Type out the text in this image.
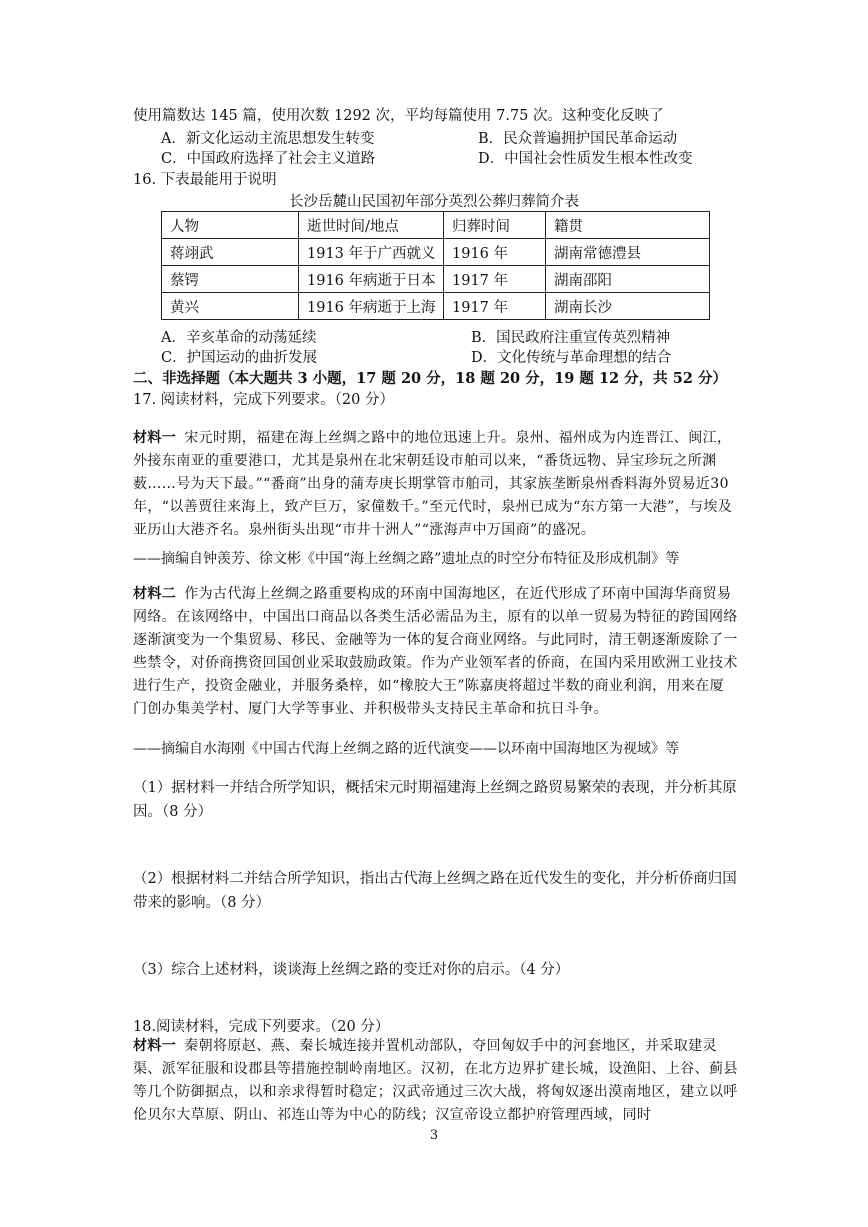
使用篇数达 145 篇，使用次数 1292 次，平均每篇使用 7.75 次。这种变化反映了
A．新文化运动主流思想发生转变	B．民众普遍拥护国民革命运动
C．中国政府选择了社会主义道路	D．中国社会性质发生根本性改变
16. 下表最能用于说明
长沙岳麓山民国初年部分英烈公葬归葬简介表
人物	逝世时间/地点	归葬时间	籍贯
蒋翊武	1913 年于广西就义	1916 年	湖南常德澧县
蔡锷	1916 年病逝于日本	1917 年	湖南邵阳
黄兴	1916 年病逝于上海	1917 年	湖南长沙
A．辛亥革命的动荡延续	B．国民政府注重宣传英烈精神
C．护国运动的曲折发展	D．文化传统与革命理想的结合
二、非选择题（本大题共 3 小题，17 题 20 分，18 题 20 分，19 题 12 分，共 52 分）
17. 阅读材料，完成下列要求。（20 分）
材料一 宋元时期，福建在海上丝绸之路中的地位迅速上升。泉州、福州成为内连晋江、闽江，外接东南亚的重要港口，尤其是泉州在北宋朝廷设市舶司以来，“番货远物、异宝珍玩之所渊薮……号为天下最。”“番商”出身的蒲寿庚长期掌管市舶司，其家族垄断泉州香料海外贸易近30年，“以善贾往来海上，致产巨万，家僮数千。”至元代时，泉州已成为“东方第一大港”，与埃及亚历山大港齐名。泉州街头出现“市井十洲人”“涨海声中万国商”的盛况。
——摘编自钟羡芳、徐文彬《中国“海上丝绸之路”遗址点的时空分布特征及形成机制》等
材料二 作为古代海上丝绸之路重要构成的环南中国海地区，在近代形成了环南中国海华商贸易网络。在该网络中，中国出口商品以各类生活必需品为主，原有的以单一贸易为特征的跨国网络逐渐演变为一个集贸易、移民、金融等为一体的复合商业网络。与此同时，清王朝逐渐废除了一些禁令，对侨商携资回国创业采取鼓励政策。作为产业领军者的侨商，在国内采用欧洲工业技术进行生产，投资金融业，并服务桑梓，如“橡胶大王”陈嘉庚将超过半数的商业利润，用来在厦门创办集美学村、厦门大学等事业、并积极带头支持民主革命和抗日斗争。
——摘编自水海刚《中国古代海上丝绸之路的近代演变——以环南中国海地区为视域》等
（1）据材料一并结合所学知识，概括宋元时期福建海上丝绸之路贸易繁荣的表现，并分析其原因。（8 分）
（2）根据材料二并结合所学知识，指出古代海上丝绸之路在近代发生的变化，并分析侨商归国带来的影响。（8 分）
（3）综合上述材料，谈谈海上丝绸之路的变迁对你的启示。（4 分）
18.阅读材料，完成下列要求。（20 分）
材料一 秦朝将原赵、燕、秦长城连接并置机动部队，夺回匈奴手中的河套地区，并采取建灵渠、派军征服和设郡县等措施控制岭南地区。汉初，在北方边界扩建长城，设渔阳、上谷、蓟县等几个防御据点，以和亲求得暂时稳定；汉武帝通过三次大战，将匈奴逐出漠南地区，建立以呼伦贝尔大草原、阴山、祁连山等为中心的防线；汉宣帝设立都护府管理西域，同时
3
